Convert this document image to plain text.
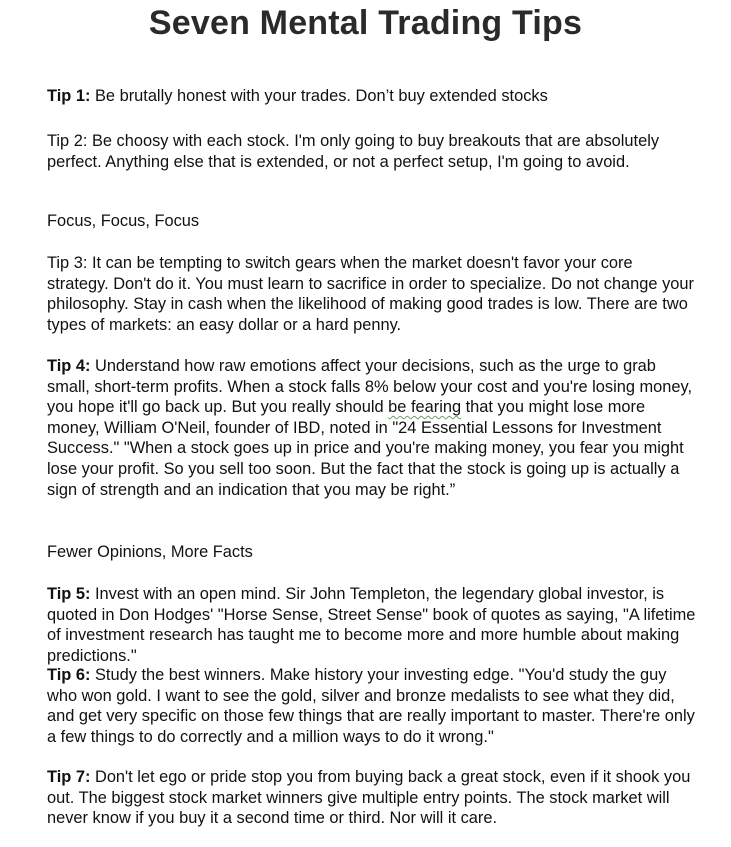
Seven Mental Trading Tips

Tip 1: Be brutally honest with your trades. Don’t buy extended stocks

Tip 2: Be choosy with each stock. I'm only going to buy breakouts that are absolutely perfect. Anything else that is extended, or not a perfect setup, I'm going to avoid.

Focus, Focus, Focus

Tip 3: It can be tempting to switch gears when the market doesn't favor your core strategy. Don't do it. You must learn to sacrifice in order to specialize. Do not change your philosophy. Stay in cash when the likelihood of making good trades is low. There are two types of markets: an easy dollar or a hard penny.

Tip 4: Understand how raw emotions affect your decisions, such as the urge to grab small, short-term profits. When a stock falls 8% below your cost and you're losing money, you hope it'll go back up. But you really should be fearing that you might lose more money, William O'Neil, founder of IBD, noted in "24 Essential Lessons for Investment Success." "When a stock goes up in price and you're making money, you fear you might lose your profit. So you sell too soon. But the fact that the stock is going up is actually a sign of strength and an indication that you may be right.”

Fewer Opinions, More Facts

Tip 5: Invest with an open mind. Sir John Templeton, the legendary global investor, is quoted in Don Hodges' "Horse Sense, Street Sense" book of quotes as saying, "A lifetime of investment research has taught me to become more and more humble about making predictions."

Tip 6: Study the best winners. Make history your investing edge. "You'd study the guy who won gold. I want to see the gold, silver and bronze medalists to see what they did, and get very specific on those few things that are really important to master. There're only a few things to do correctly and a million ways to do it wrong."

Tip 7: Don't let ego or pride stop you from buying back a great stock, even if it shook you out. The biggest stock market winners give multiple entry points. The stock market will never know if you buy it a second time or third. Nor will it care.
